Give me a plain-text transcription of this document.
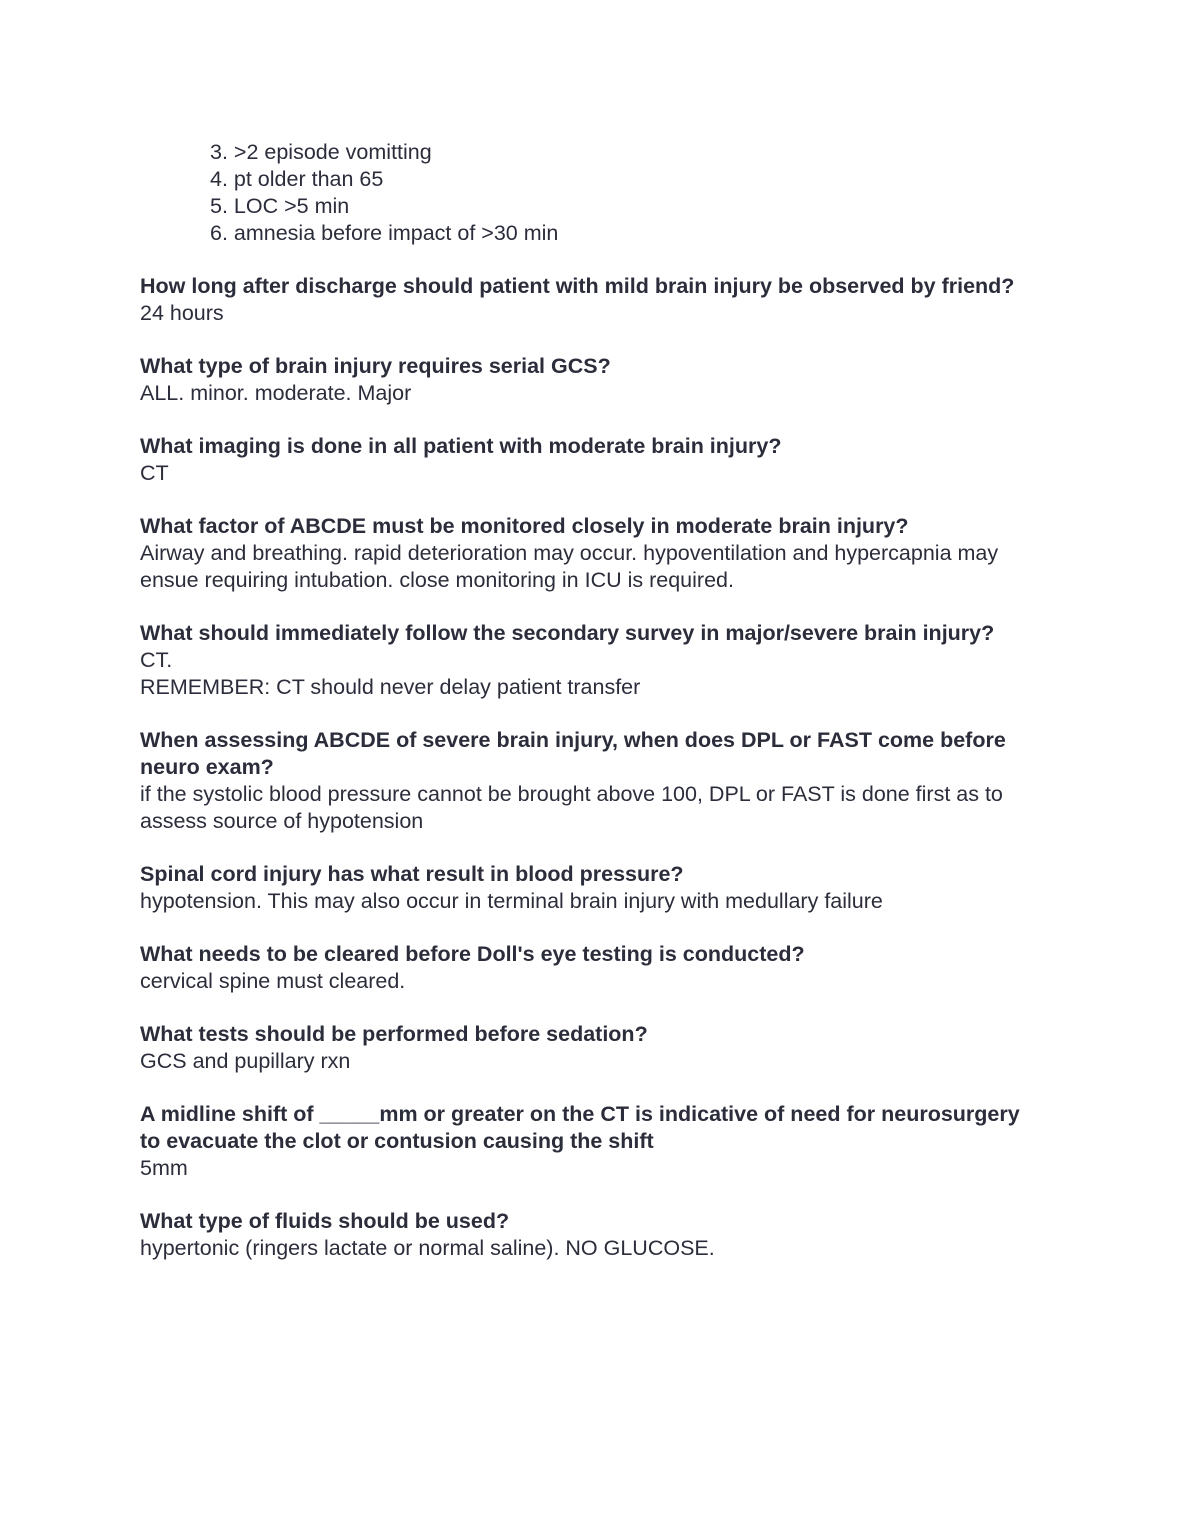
3. >2 episode vomitting
4. pt older than 65
5. LOC >5 min
6. amnesia before impact of >30 min

How long after discharge should patient with mild brain injury be observed by friend?

24 hours

What type of brain injury requires serial GCS?

ALL. minor. moderate. Major

What imaging is done in all patient with moderate brain injury?

CT

What factor of ABCDE must be monitored closely in moderate brain injury?

Airway and breathing. rapid deterioration may occur. hypoventilation and hypercapnia may ensue requiring intubation. close monitoring in ICU is required.

What should immediately follow the secondary survey in major/severe brain injury?

CT.

REMEMBER: CT should never delay patient transfer

When assessing ABCDE of severe brain injury, when does DPL or FAST come before neuro exam?

if the systolic blood pressure cannot be brought above 100, DPL or FAST is done first as to assess source of hypotension

Spinal cord injury has what result in blood pressure?

hypotension. This may also occur in terminal brain injury with medullary failure

What needs to be cleared before Doll's eye testing is conducted?

cervical spine must cleared.

What tests should be performed before sedation?

GCS and pupillary rxn

A midline shift of _____mm or greater on the CT is indicative of need for neurosurgery to evacuate the clot or contusion causing the shift

5mm

What type of fluids should be used?

hypertonic (ringers lactate or normal saline). NO GLUCOSE.
